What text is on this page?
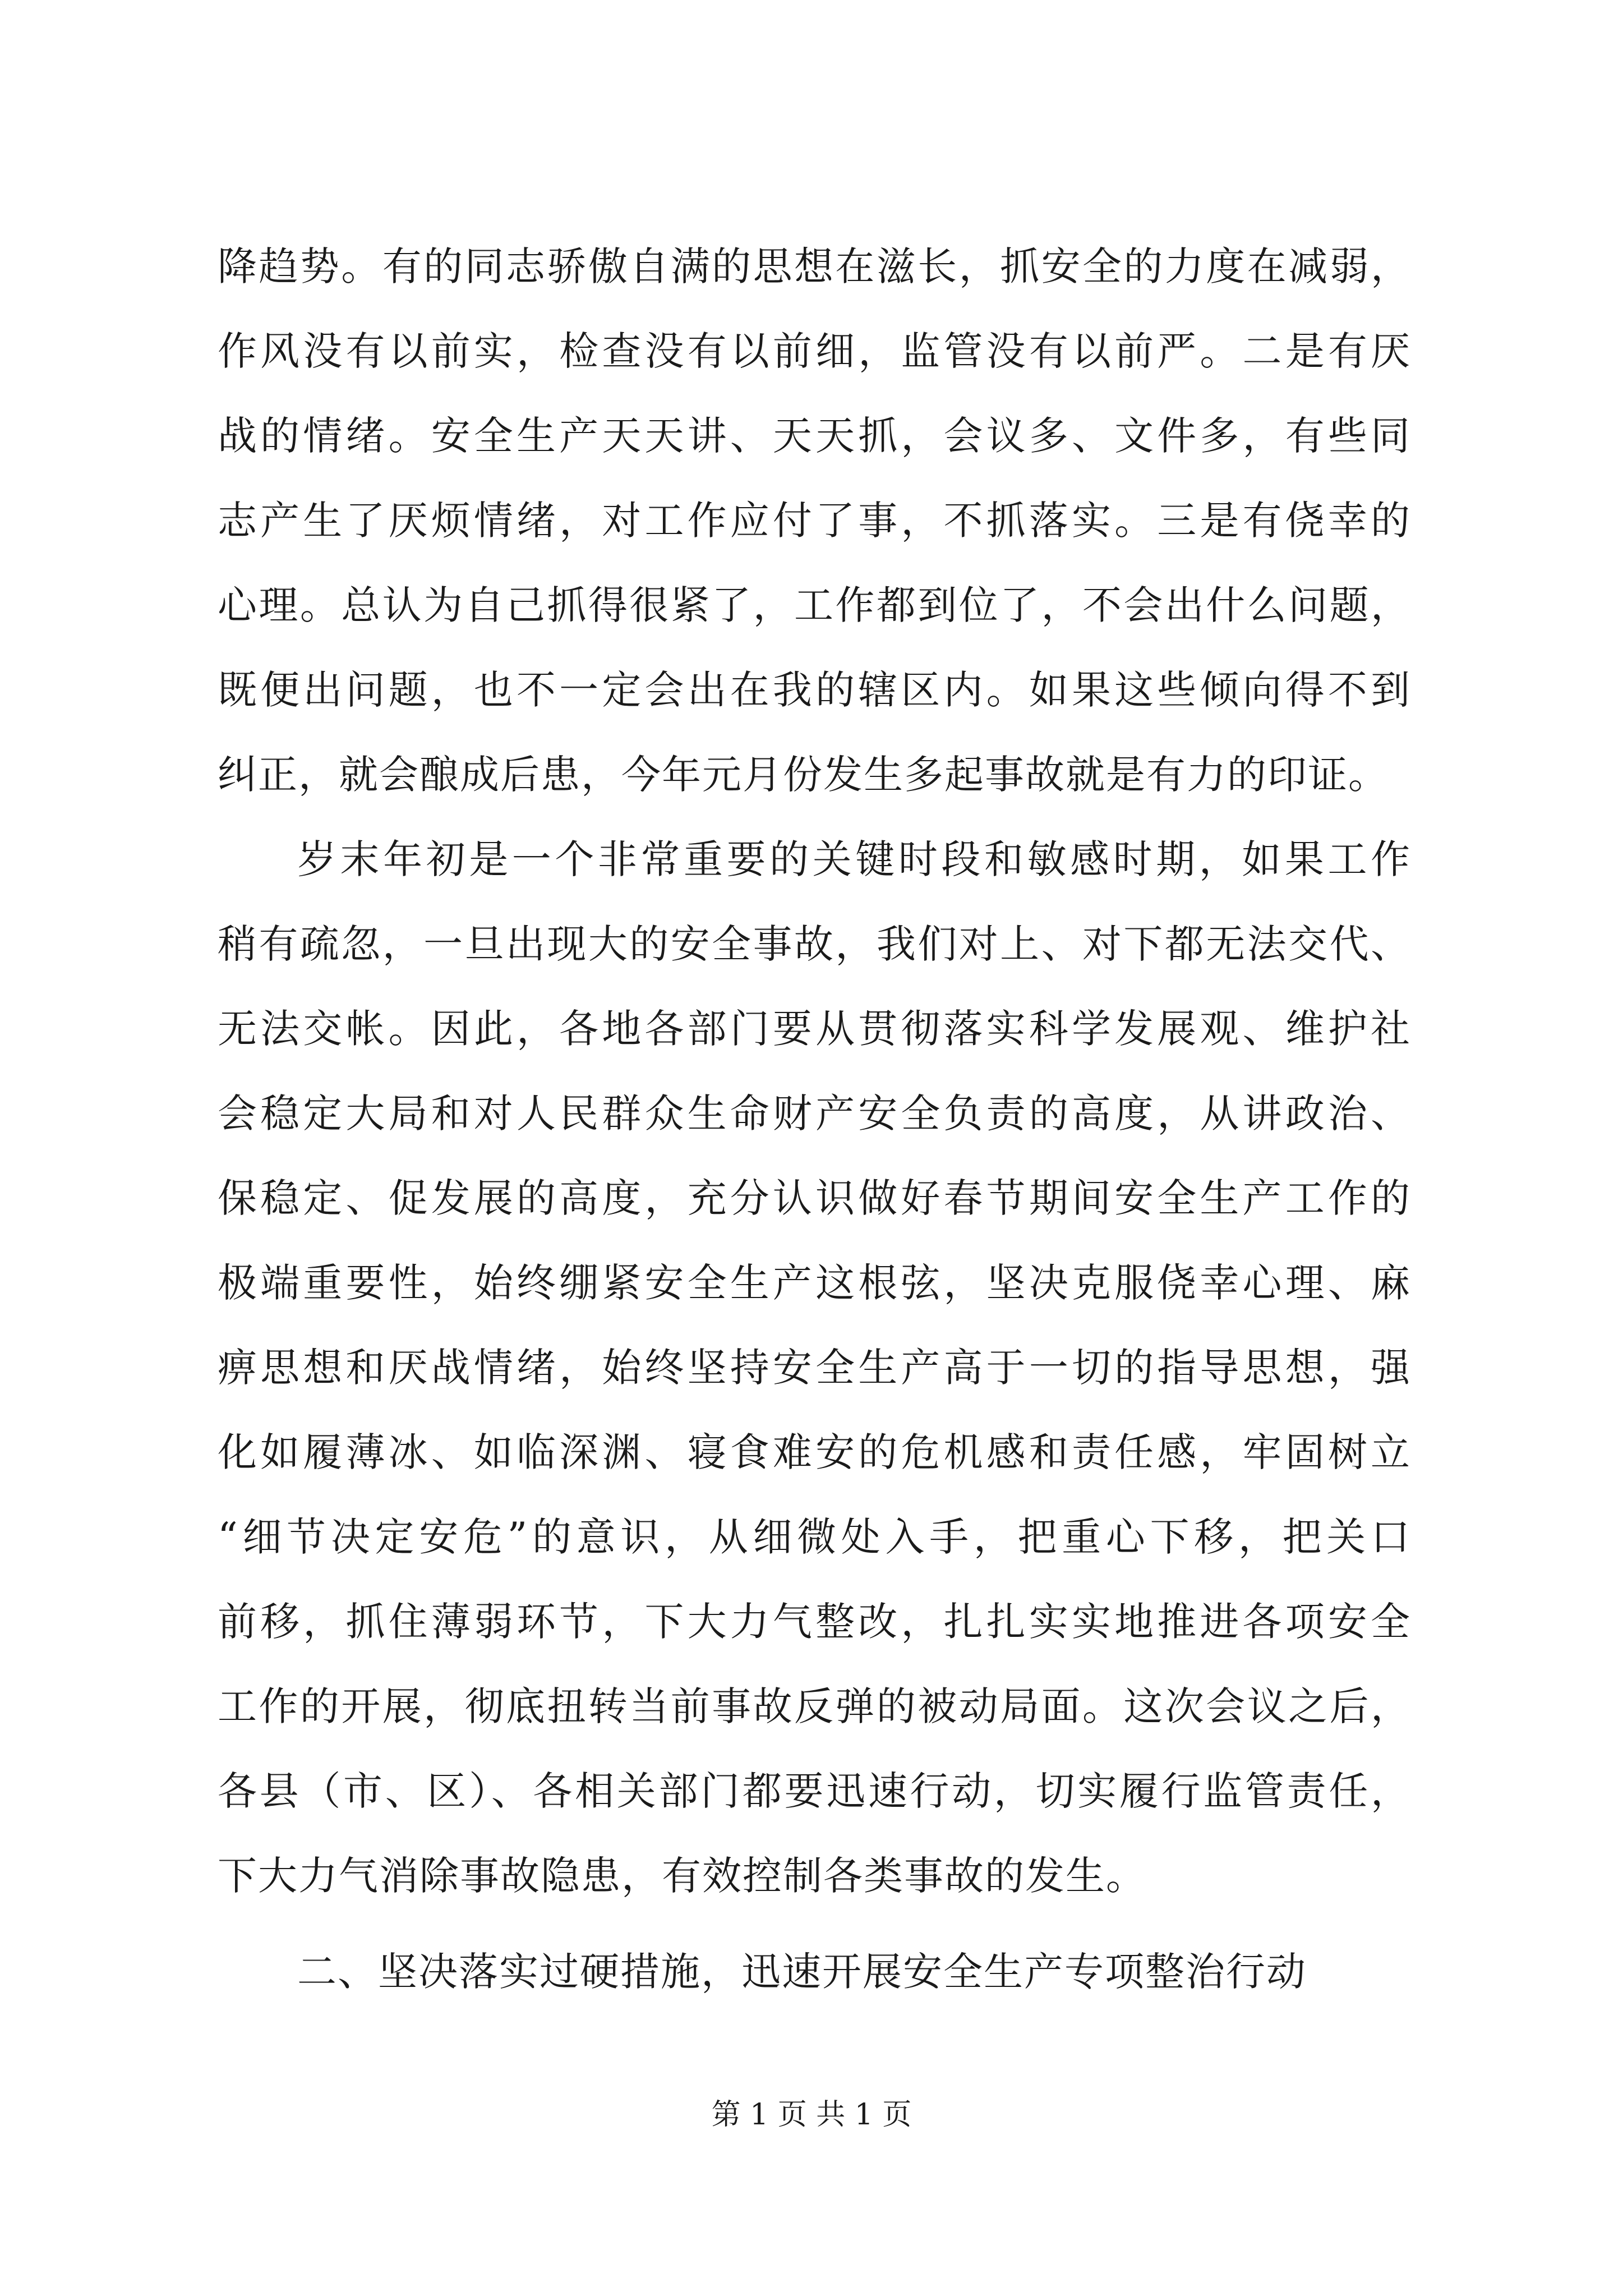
降趋势。有的同志骄傲自满的思想在滋长，抓安全的力度在减弱，
作风没有以前实，检查没有以前细，监管没有以前严。二是有厌
战的情绪。安全生产天天讲、天天抓，会议多、文件多，有些同
志产生了厌烦情绪，对工作应付了事，不抓落实。三是有侥幸的
心理。总认为自己抓得很紧了，工作都到位了，不会出什么问题，
既便出问题，也不一定会出在我的辖区内。如果这些倾向得不到
纠正，就会酿成后患，今年元月份发生多起事故就是有力的印证。
岁末年初是一个非常重要的关键时段和敏感时期，如果工作
稍有疏忽，一旦出现大的安全事故，我们对上、对下都无法交代、
无法交帐。因此，各地各部门要从贯彻落实科学发展观、维护社
会稳定大局和对人民群众生命财产安全负责的高度，从讲政治、
保稳定、促发展的高度，充分认识做好春节期间安全生产工作的
极端重要性，始终绷紧安全生产这根弦，坚决克服侥幸心理、麻
痹思想和厌战情绪，始终坚持安全生产高于一切的指导思想，强
化如履薄冰、如临深渊、寝食难安的危机感和责任感，牢固树立
“细节决定安危”的意识，从细微处入手，把重心下移，把关口
前移，抓住薄弱环节，下大力气整改，扎扎实实地推进各项安全
工作的开展，彻底扭转当前事故反弹的被动局面。这次会议之后，
各县（市、区）、各相关部门都要迅速行动，切实履行监管责任，
下大力气消除事故隐患，有效控制各类事故的发生。
二、坚决落实过硬措施，迅速开展安全生产专项整治行动
第 1 页 共 1 页
